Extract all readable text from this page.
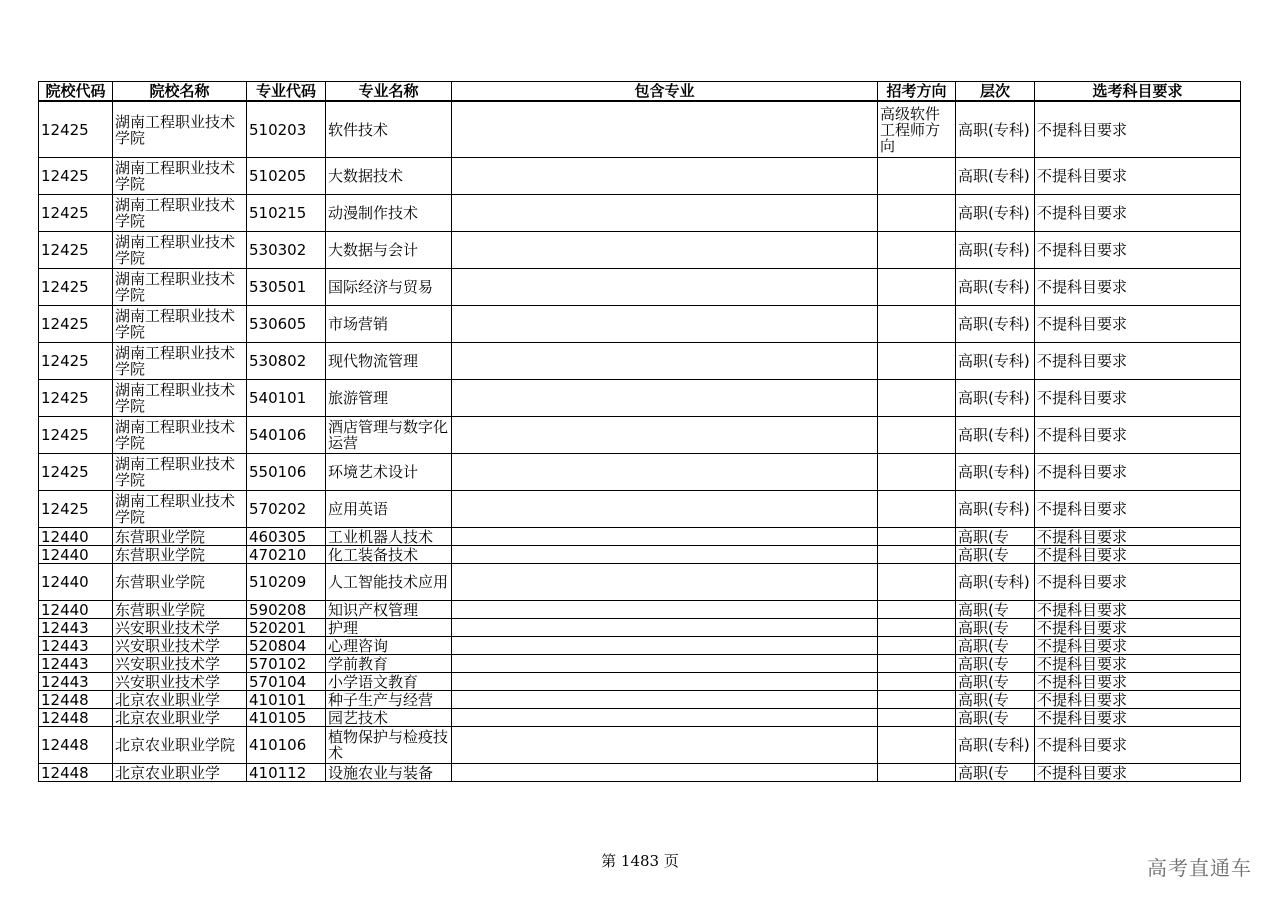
院校代码	院校名称	专业代码	专业名称	包含专业	招考方向	层次	选考科目要求

12425	湖南工程职业技术学院	510203	软件技术		高级软件工程师方向	高职(专科)	不提科目要求

12425	湖南工程职业技术学院	510205	大数据技术			高职(专科)	不提科目要求

12425	湖南工程职业技术学院	510215	动漫制作技术			高职(专科)	不提科目要求

12425	湖南工程职业技术学院	530302	大数据与会计			高职(专科)	不提科目要求

12425	湖南工程职业技术学院	530501	国际经济与贸易			高职(专科)	不提科目要求

12425	湖南工程职业技术学院	530605	市场营销			高职(专科)	不提科目要求

12425	湖南工程职业技术学院	530802	现代物流管理			高职(专科)	不提科目要求

12425	湖南工程职业技术学院	540101	旅游管理			高职(专科)	不提科目要求

12425	湖南工程职业技术学院	540106	酒店管理与数字化运营			高职(专科)	不提科目要求

12425	湖南工程职业技术学院	550106	环境艺术设计			高职(专科)	不提科目要求

12425	湖南工程职业技术学院	570202	应用英语			高职(专科)	不提科目要求

12440	东营职业学院	460305	工业机器人技术			高职(专	不提科目要求

12440	东营职业学院	470210	化工装备技术			高职(专	不提科目要求

12440	东营职业学院	510209	人工智能技术应用			高职(专科)	不提科目要求

12440	东营职业学院	590208	知识产权管理			高职(专	不提科目要求

12443	兴安职业技术学	520201	护理			高职(专	不提科目要求

12443	兴安职业技术学	520804	心理咨询			高职(专	不提科目要求

12443	兴安职业技术学	570102	学前教育			高职(专	不提科目要求

12443	兴安职业技术学	570104	小学语文教育			高职(专	不提科目要求

12448	北京农业职业学	410101	种子生产与经营			高职(专	不提科目要求

12448	北京农业职业学	410105	园艺技术			高职(专	不提科目要求

12448	北京农业职业学院	410106	植物保护与检疫技术			高职(专科)	不提科目要求

12448	北京农业职业学	410112	设施农业与装备			高职(专	不提科目要求
第 1483 页	高考直通车
